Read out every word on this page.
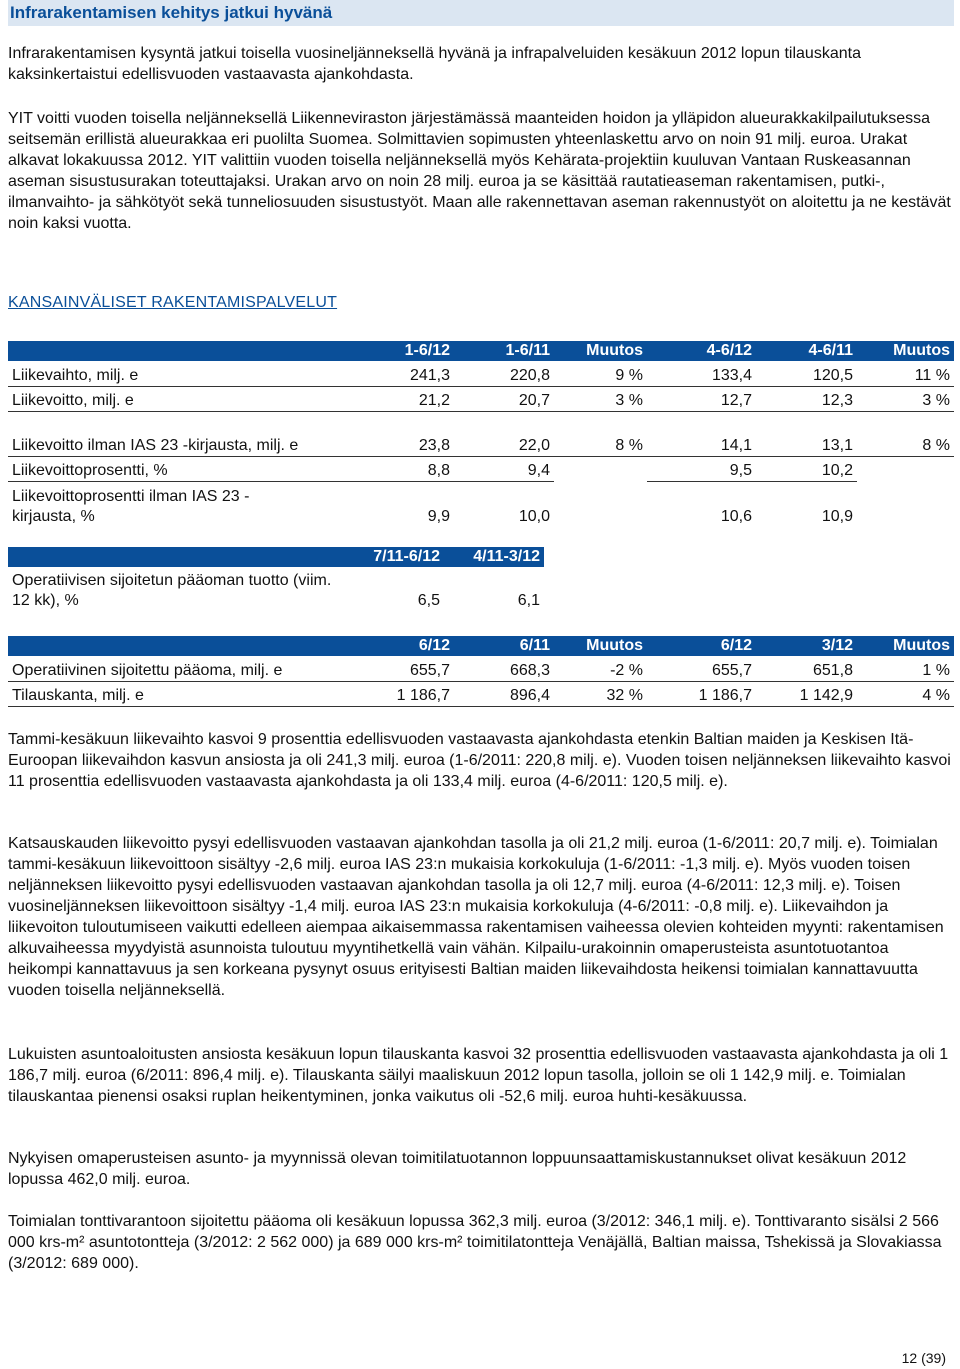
Infrarakentamisen kehitys jatkui hyvänä

Infrarakentamisen kysyntä jatkui toisella vuosineljänneksellä hyvänä ja infrapalveluiden kesäkuun 2012 lopun tilauskanta kaksinkertaistui edellisvuoden vastaavasta ajankohdasta.

YIT voitti vuoden toisella neljänneksellä Liikenneviraston järjestämässä maanteiden hoidon ja ylläpidon alueurakkakilpailutuksessa seitsemän erillistä alueurakkaa eri puolilta Suomea. Solmittavien sopimusten yhteenlaskettu arvo on noin 91 milj. euroa. Urakat alkavat lokakuussa 2012. YIT valittiin vuoden toisella neljänneksellä myös Kehärata-projektiin kuuluvan Vantaan Ruskeasannan aseman sisustusurakan toteuttajaksi. Urakan arvo on noin 28 milj. euroa ja se käsittää rautatieaseman rakentamisen, putki-, ilmanvaihto- ja sähkötyöt sekä tunneliosuuden sisustustyöt. Maan alle rakennettavan aseman rakennustyöt on aloitettu ja ne kestävät noin kaksi vuotta.

KANSAINVÄLISET RAKENTAMISPALVELUT
	1-6/12	1-6/11	Muutos	4-6/12	4-6/11	Muutos
Liikevaihto, milj. e	241,3	220,8	9 %	133,4	120,5	11 %
Liikevoitto, milj. e	21,2	20,7	3 %	12,7	12,3	3 %
Liikevoitto ilman IAS 23 -kirjausta, milj. e	23,8	22,0	8 %	14,1	13,1	8 %
Liikevoittoprosentti, %	8,8	9,4		9,5	10,2	

Liikevoittoprosentti ilman IAS 23 -kirjausta, %	9,9	10,0		10,6	10,9	
	7/11-6/12	4/11-3/12
Operatiivisen sijoitetun pääoman tuotto (viim. 12 kk), %	6,5	6,1
	6/12	6/11	Muutos	6/12	3/12	Muutos
Operatiivinen sijoitettu pääoma, milj. e	655,7	668,3	-2 %	655,7	651,8	1 %
Tilauskanta, milj. e	1 186,7	896,4	32 %	1 186,7	1 142,9	4 %

Tammi-kesäkuun liikevaihto kasvoi 9 prosenttia edellisvuoden vastaavasta ajankohdasta etenkin Baltian maiden ja Keskisen Itä-Euroopan liikevaihdon kasvun ansiosta ja oli 241,3 milj. euroa (1-6/2011: 220,8 milj. e). Vuoden toisen neljänneksen liikevaihto kasvoi 11 prosenttia edellisvuoden vastaavasta ajankohdasta ja oli 133,4 milj. euroa (4-6/2011: 120,5 milj. e).

Katsauskauden liikevoitto pysyi edellisvuoden vastaavan ajankohdan tasolla ja oli 21,2 milj. euroa (1-6/2011: 20,7 milj. e). Toimialan tammi-kesäkuun liikevoittoon sisältyy -2,6 milj. euroa IAS 23:n mukaisia korkokuluja (1-6/2011: -1,3 milj. e). Myös vuoden toisen neljänneksen liikevoitto pysyi edellisvuoden vastaavan ajankohdan tasolla ja oli 12,7 milj. euroa (4-6/2011: 12,3 milj. e). Toisen vuosineljänneksen liikevoittoon sisältyy -1,4 milj. euroa IAS 23:n mukaisia korkokuluja (4-6/2011: -0,8 milj. e). Liikevaihdon ja liikevoiton tuloutumiseen vaikutti edelleen aiempaa aikaisemmassa rakentamisen vaiheessa olevien kohteiden myynti: rakentamisen alkuvaiheessa myydyistä asunnoista tuloutuu myyntihetkellä vain vähän. Kilpailu-urakoinnin omaperusteista asuntotuotantoa heikompi kannattavuus ja sen korkeana pysynyt osuus erityisesti Baltian maiden liikevaihdosta heikensi toimialan kannattavuutta vuoden toisella neljänneksellä.

Lukuisten asuntoaloitusten ansiosta kesäkuun lopun tilauskanta kasvoi 32 prosenttia edellisvuoden vastaavasta ajankohdasta ja oli 1 186,7 milj. euroa (6/2011: 896,4 milj. e). Tilauskanta säilyi maaliskuun 2012 lopun tasolla, jolloin se oli 1 142,9 milj. e. Toimialan tilauskantaa pienensi osaksi ruplan heikentyminen, jonka vaikutus oli -52,6 milj. euroa huhti-kesäkuussa.

Nykyisen omaperusteisen asunto- ja myynnissä olevan toimitilatuotannon loppuunsaattamiskustannukset olivat kesäkuun 2012 lopussa 462,0 milj. euroa.

Toimialan tonttivarantoon sijoitettu pääoma oli kesäkuun lopussa 362,3 milj. euroa (3/2012: 346,1 milj. e). Tonttivaranto sisälsi 2 566 000 krs-m² asuntotontteja (3/2012: 2 562 000) ja 689 000 krs-m² toimitilatontteja Venäjällä, Baltian maissa, Tshekissä ja Slovakiassa (3/2012: 689 000).

12 (39)
